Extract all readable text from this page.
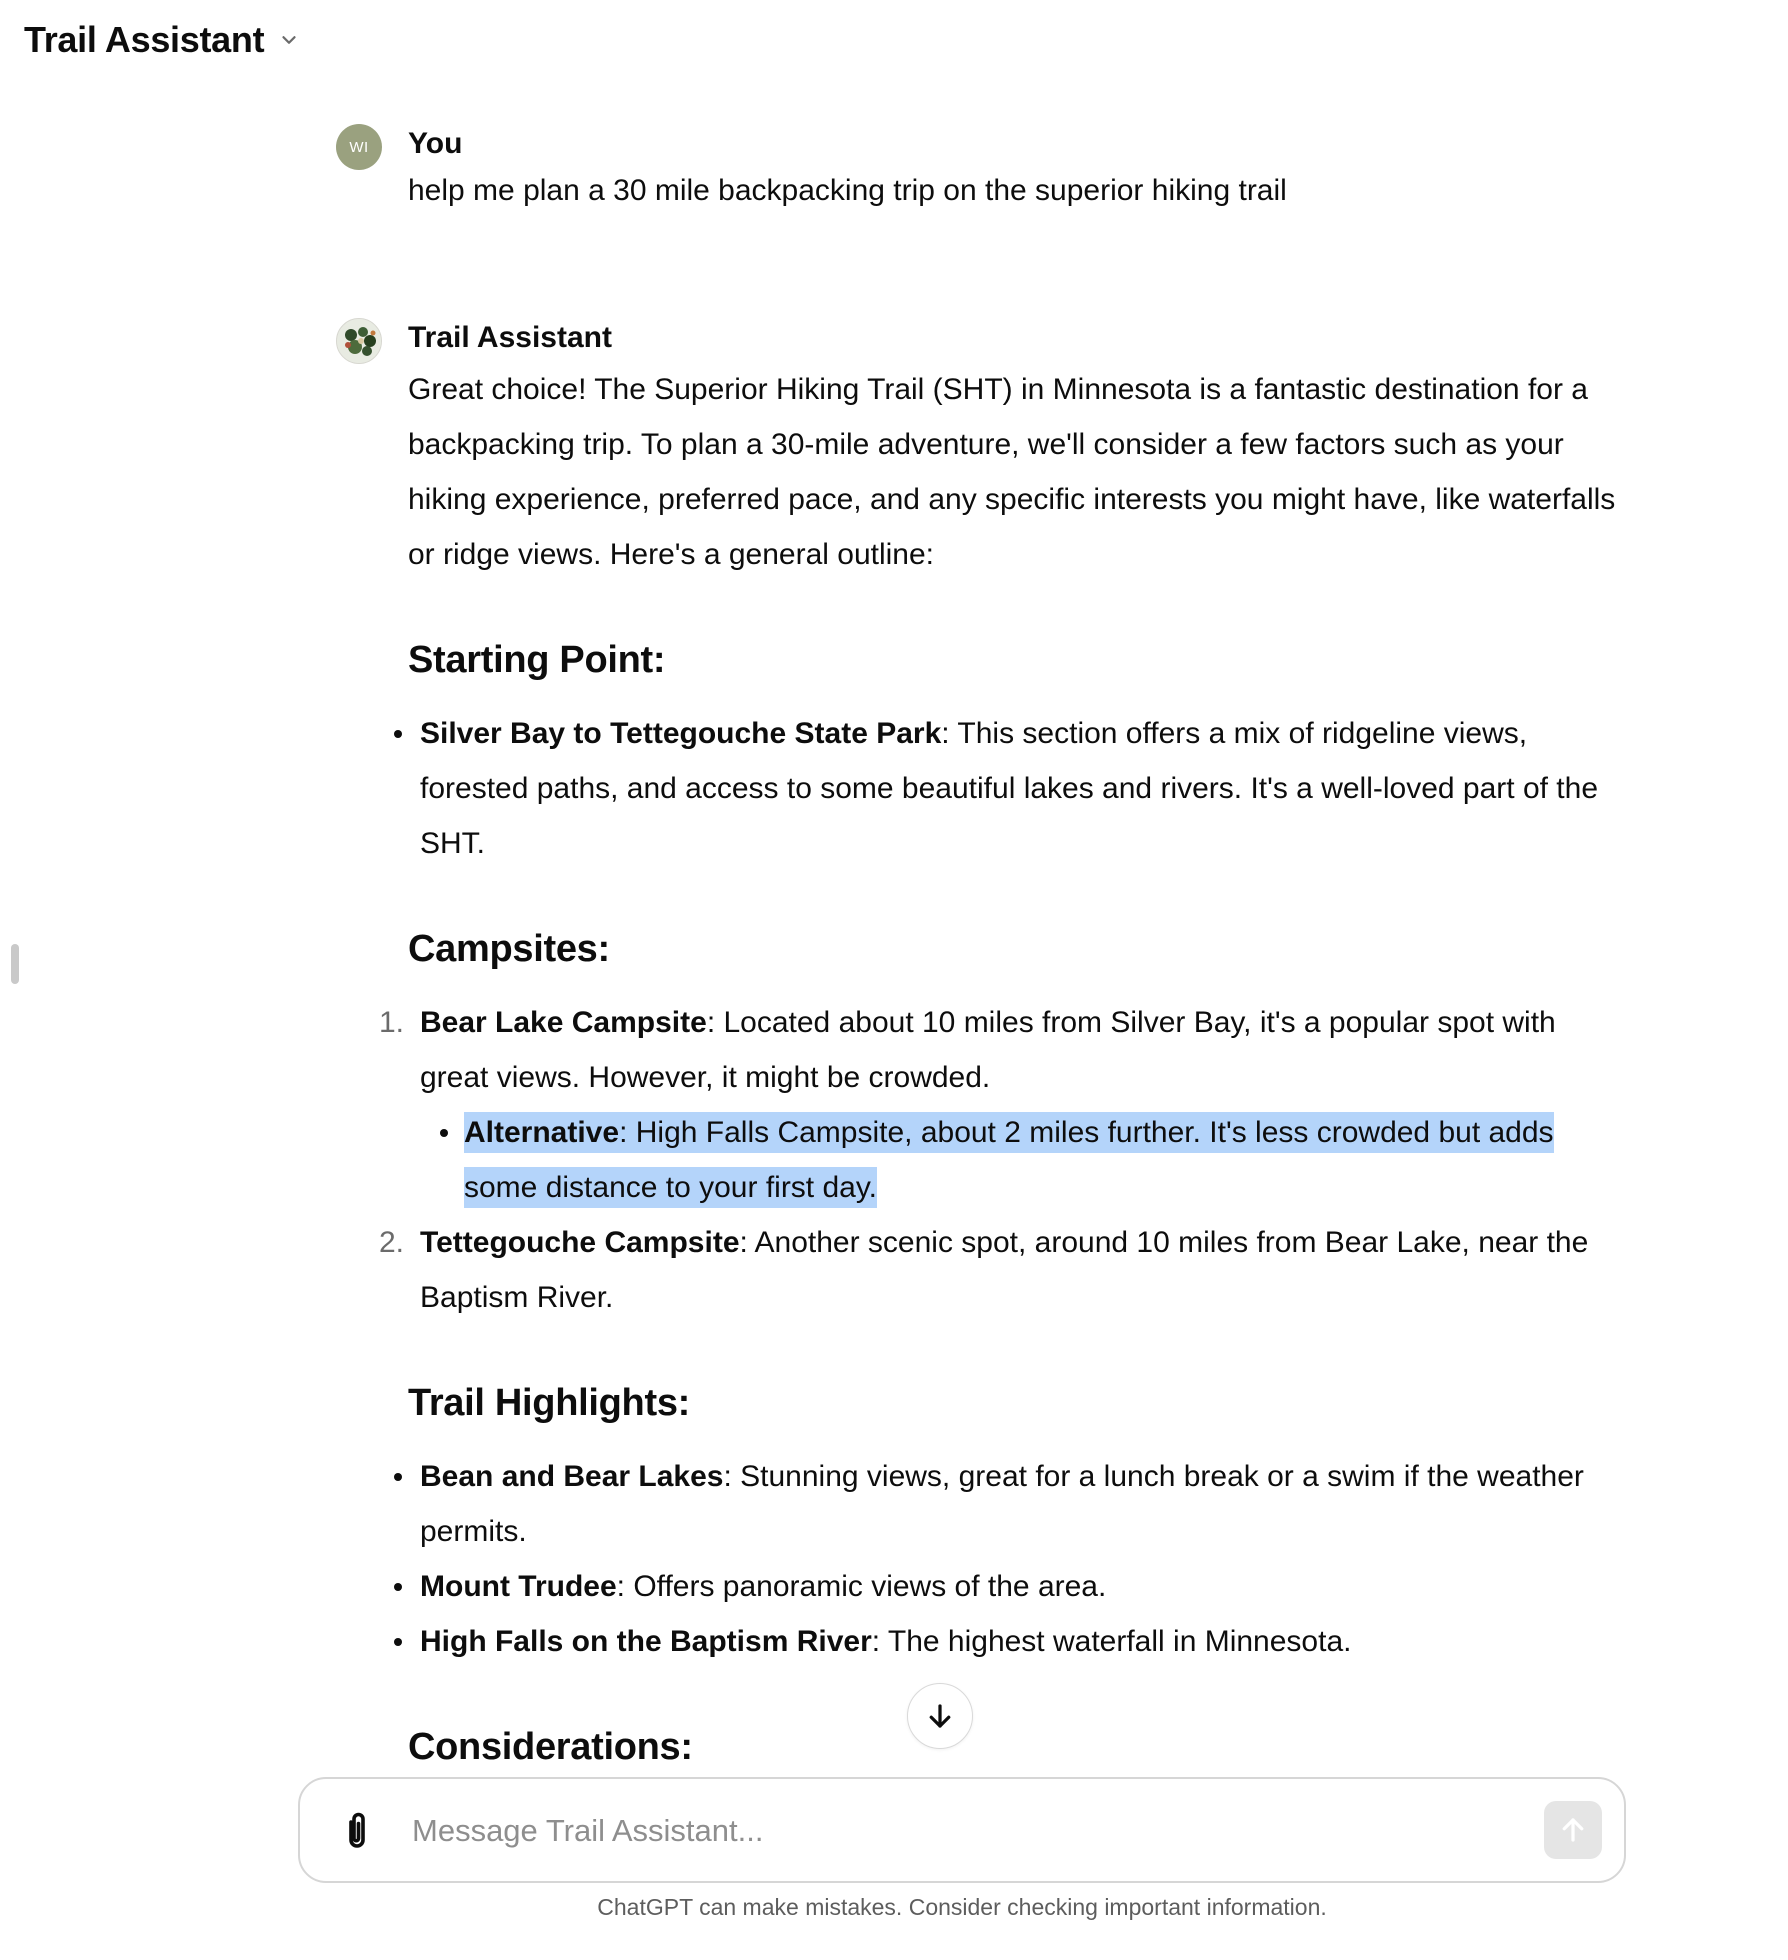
Trail Assistant
WI You
help me plan a 30 mile backpacking trip on the superior hiking trail
Trail Assistant

Great choice! The Superior Hiking Trail (SHT) in Minnesota is a fantastic destination for a backpacking trip. To plan a 30-mile adventure, we'll consider a few factors such as your hiking experience, preferred pace, and any specific interests you might have, like waterfalls or ridge views. Here's a general outline:

Starting Point:
Silver Bay to Tettegouche State Park: This section offers a mix of ridgeline views, forested paths, and access to some beautiful lakes and rivers. It's a well-loved part of the SHT.
Campsites:
1. Bear Lake Campsite: Located about 10 miles from Silver Bay, it's a popular spot with great views. However, it might be crowded.
Alternative: High Falls Campsite, about 2 miles further. It's less crowded but adds some distance to your first day.
2. Tettegouche Campsite: Another scenic spot, around 10 miles from Bear Lake, near the Baptism River.
Trail Highlights:
Bean and Bear Lakes: Stunning views, great for a lunch break or a swim if the weather permits.
Mount Trudee: Offers panoramic views of the area.
High Falls on the Baptism River: The highest waterfall in Minnesota.
Considerations:
Message Trail Assistant...
ChatGPT can make mistakes. Consider checking important information.
